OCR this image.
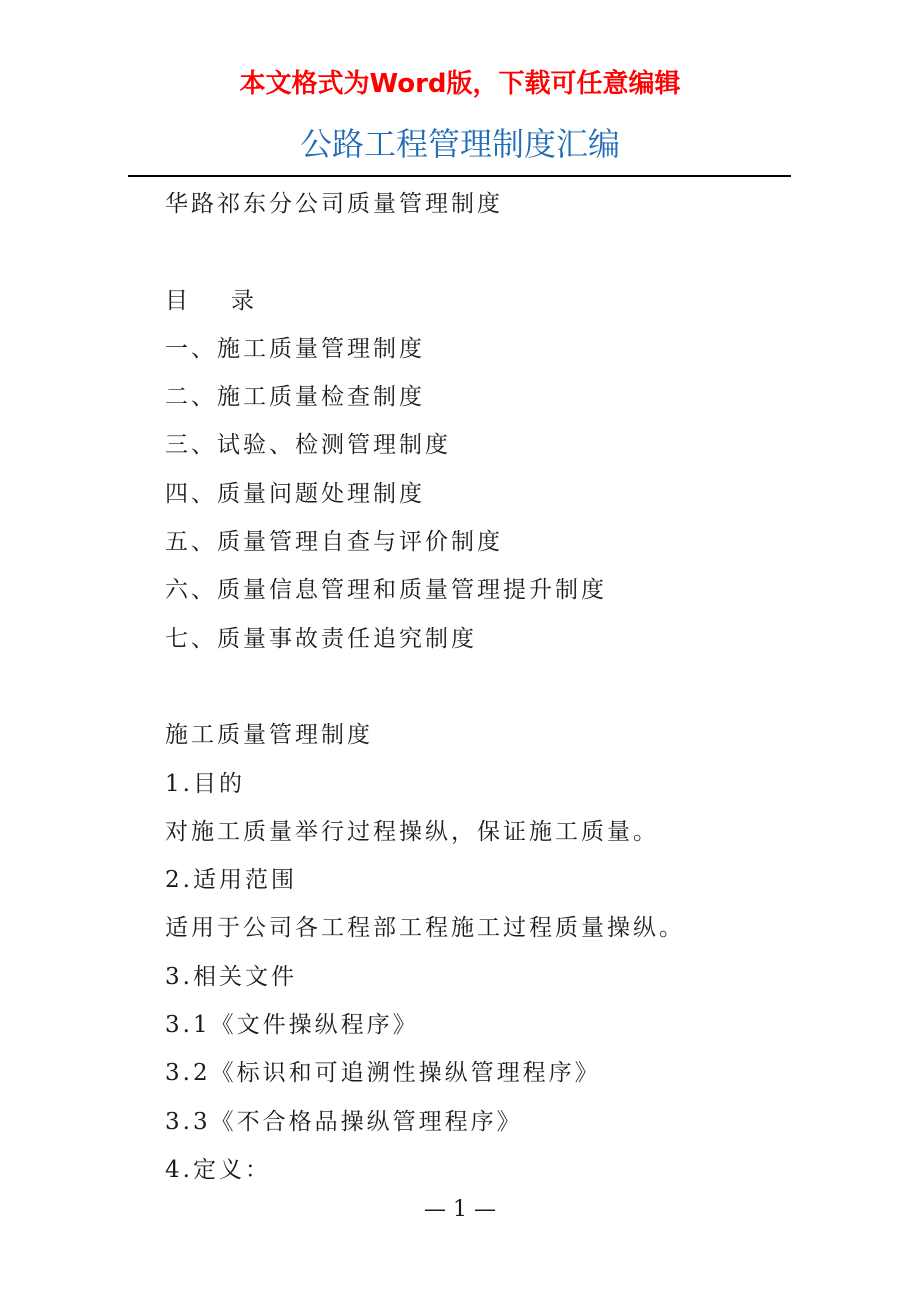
本文格式为Word版，下载可任意编辑
公路工程管理制度汇编
华路祁东分公司质量管理制度
目 录
一、施工质量管理制度
二、施工质量检查制度
三、试验、检测管理制度
四、质量问题处理制度
五、质量管理自查与评价制度
六、质量信息管理和质量管理提升制度
七、质量事故责任追究制度
施工质量管理制度
1.目的
对施工质量举行过程操纵，保证施工质量。
2.适用范围
适用于公司各工程部工程施工过程质量操纵。
3.相关文件
3.1《文件操纵程序》
3.2《标识和可追溯性操纵管理程序》
3.3《不合格品操纵管理程序》
4.定义：
— 1 —
